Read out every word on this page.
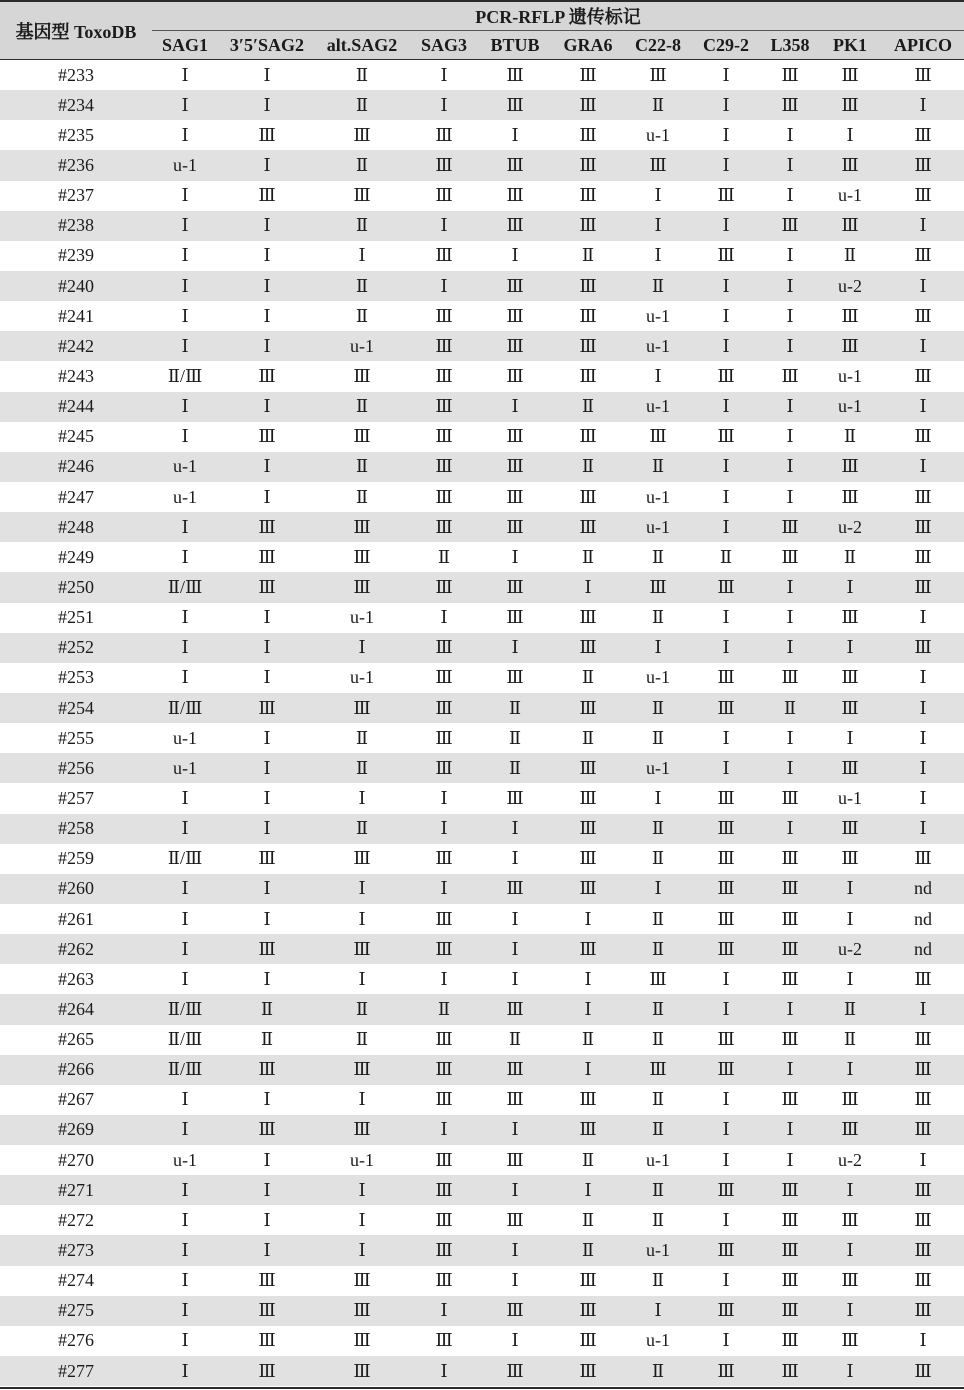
基因型 ToxoDB
PCR-RFLP 遗传标记
SAG1	3′5′SAG2	alt.SAG2	SAG3	BTUB	GRA6	C22-8	C29-2	L358	PK1	APICO
#233	Ⅰ	Ⅰ	Ⅱ	Ⅰ	Ⅲ	Ⅲ	Ⅲ	Ⅰ	Ⅲ	Ⅲ	Ⅲ
#234	Ⅰ	Ⅰ	Ⅱ	Ⅰ	Ⅲ	Ⅲ	Ⅱ	Ⅰ	Ⅲ	Ⅲ	Ⅰ
#235	Ⅰ	Ⅲ	Ⅲ	Ⅲ	Ⅰ	Ⅲ	u-1	Ⅰ	Ⅰ	Ⅰ	Ⅲ
#236	u-1	Ⅰ	Ⅱ	Ⅲ	Ⅲ	Ⅲ	Ⅲ	Ⅰ	Ⅰ	Ⅲ	Ⅲ
#237	Ⅰ	Ⅲ	Ⅲ	Ⅲ	Ⅲ	Ⅲ	Ⅰ	Ⅲ	Ⅰ	u-1	Ⅲ
#238	Ⅰ	Ⅰ	Ⅱ	Ⅰ	Ⅲ	Ⅲ	Ⅰ	Ⅰ	Ⅲ	Ⅲ	Ⅰ
#239	Ⅰ	Ⅰ	Ⅰ	Ⅲ	Ⅰ	Ⅱ	Ⅰ	Ⅲ	Ⅰ	Ⅱ	Ⅲ
#240	Ⅰ	Ⅰ	Ⅱ	Ⅰ	Ⅲ	Ⅲ	Ⅱ	Ⅰ	Ⅰ	u-2	Ⅰ
#241	Ⅰ	Ⅰ	Ⅱ	Ⅲ	Ⅲ	Ⅲ	u-1	Ⅰ	Ⅰ	Ⅲ	Ⅲ
#242	Ⅰ	Ⅰ	u-1	Ⅲ	Ⅲ	Ⅲ	u-1	Ⅰ	Ⅰ	Ⅲ	Ⅰ
#243	Ⅱ/Ⅲ	Ⅲ	Ⅲ	Ⅲ	Ⅲ	Ⅲ	Ⅰ	Ⅲ	Ⅲ	u-1	Ⅲ
#244	Ⅰ	Ⅰ	Ⅱ	Ⅲ	Ⅰ	Ⅱ	u-1	Ⅰ	Ⅰ	u-1	Ⅰ
#245	Ⅰ	Ⅲ	Ⅲ	Ⅲ	Ⅲ	Ⅲ	Ⅲ	Ⅲ	Ⅰ	Ⅱ	Ⅲ
#246	u-1	Ⅰ	Ⅱ	Ⅲ	Ⅲ	Ⅱ	Ⅱ	Ⅰ	Ⅰ	Ⅲ	Ⅰ
#247	u-1	Ⅰ	Ⅱ	Ⅲ	Ⅲ	Ⅲ	u-1	Ⅰ	Ⅰ	Ⅲ	Ⅲ
#248	Ⅰ	Ⅲ	Ⅲ	Ⅲ	Ⅲ	Ⅲ	u-1	Ⅰ	Ⅲ	u-2	Ⅲ
#249	Ⅰ	Ⅲ	Ⅲ	Ⅱ	Ⅰ	Ⅱ	Ⅱ	Ⅱ	Ⅲ	Ⅱ	Ⅲ
#250	Ⅱ/Ⅲ	Ⅲ	Ⅲ	Ⅲ	Ⅲ	Ⅰ	Ⅲ	Ⅲ	Ⅰ	Ⅰ	Ⅲ
#251	Ⅰ	Ⅰ	u-1	Ⅰ	Ⅲ	Ⅲ	Ⅱ	Ⅰ	Ⅰ	Ⅲ	Ⅰ
#252	Ⅰ	Ⅰ	Ⅰ	Ⅲ	Ⅰ	Ⅲ	Ⅰ	Ⅰ	Ⅰ	Ⅰ	Ⅲ
#253	Ⅰ	Ⅰ	u-1	Ⅲ	Ⅲ	Ⅱ	u-1	Ⅲ	Ⅲ	Ⅲ	Ⅰ
#254	Ⅱ/Ⅲ	Ⅲ	Ⅲ	Ⅲ	Ⅱ	Ⅲ	Ⅱ	Ⅲ	Ⅱ	Ⅲ	Ⅰ
#255	u-1	Ⅰ	Ⅱ	Ⅲ	Ⅱ	Ⅱ	Ⅱ	Ⅰ	Ⅰ	Ⅰ	Ⅰ
#256	u-1	Ⅰ	Ⅱ	Ⅲ	Ⅱ	Ⅲ	u-1	Ⅰ	Ⅰ	Ⅲ	Ⅰ
#257	Ⅰ	Ⅰ	Ⅰ	Ⅰ	Ⅲ	Ⅲ	Ⅰ	Ⅲ	Ⅲ	u-1	Ⅰ
#258	Ⅰ	Ⅰ	Ⅱ	Ⅰ	Ⅰ	Ⅲ	Ⅱ	Ⅲ	Ⅰ	Ⅲ	Ⅰ
#259	Ⅱ/Ⅲ	Ⅲ	Ⅲ	Ⅲ	Ⅰ	Ⅲ	Ⅱ	Ⅲ	Ⅲ	Ⅲ	Ⅲ
#260	Ⅰ	Ⅰ	Ⅰ	Ⅰ	Ⅲ	Ⅲ	Ⅰ	Ⅲ	Ⅲ	Ⅰ	nd
#261	Ⅰ	Ⅰ	Ⅰ	Ⅲ	Ⅰ	Ⅰ	Ⅱ	Ⅲ	Ⅲ	Ⅰ	nd
#262	Ⅰ	Ⅲ	Ⅲ	Ⅲ	Ⅰ	Ⅲ	Ⅱ	Ⅲ	Ⅲ	u-2	nd
#263	Ⅰ	Ⅰ	Ⅰ	Ⅰ	Ⅰ	Ⅰ	Ⅲ	Ⅰ	Ⅲ	Ⅰ	Ⅲ
#264	Ⅱ/Ⅲ	Ⅱ	Ⅱ	Ⅱ	Ⅲ	Ⅰ	Ⅱ	Ⅰ	Ⅰ	Ⅱ	Ⅰ
#265	Ⅱ/Ⅲ	Ⅱ	Ⅱ	Ⅲ	Ⅱ	Ⅱ	Ⅱ	Ⅲ	Ⅲ	Ⅱ	Ⅲ
#266	Ⅱ/Ⅲ	Ⅲ	Ⅲ	Ⅲ	Ⅲ	Ⅰ	Ⅲ	Ⅲ	Ⅰ	Ⅰ	Ⅲ
#267	Ⅰ	Ⅰ	Ⅰ	Ⅲ	Ⅲ	Ⅲ	Ⅱ	Ⅰ	Ⅲ	Ⅲ	Ⅲ
#269	Ⅰ	Ⅲ	Ⅲ	Ⅰ	Ⅰ	Ⅲ	Ⅱ	Ⅰ	Ⅰ	Ⅲ	Ⅲ
#270	u-1	Ⅰ	u-1	Ⅲ	Ⅲ	Ⅱ	u-1	Ⅰ	Ⅰ	u-2	Ⅰ
#271	Ⅰ	Ⅰ	Ⅰ	Ⅲ	Ⅰ	Ⅰ	Ⅱ	Ⅲ	Ⅲ	Ⅰ	Ⅲ
#272	Ⅰ	Ⅰ	Ⅰ	Ⅲ	Ⅲ	Ⅱ	Ⅱ	Ⅰ	Ⅲ	Ⅲ	Ⅲ
#273	Ⅰ	Ⅰ	Ⅰ	Ⅲ	Ⅰ	Ⅱ	u-1	Ⅲ	Ⅲ	Ⅰ	Ⅲ
#274	Ⅰ	Ⅲ	Ⅲ	Ⅲ	Ⅰ	Ⅲ	Ⅱ	Ⅰ	Ⅲ	Ⅲ	Ⅲ
#275	Ⅰ	Ⅲ	Ⅲ	Ⅰ	Ⅲ	Ⅲ	Ⅰ	Ⅲ	Ⅲ	Ⅰ	Ⅲ
#276	Ⅰ	Ⅲ	Ⅲ	Ⅲ	Ⅰ	Ⅲ	u-1	Ⅰ	Ⅲ	Ⅲ	Ⅰ
#277	Ⅰ	Ⅲ	Ⅲ	Ⅰ	Ⅲ	Ⅲ	Ⅱ	Ⅲ	Ⅲ	Ⅰ	Ⅲ
